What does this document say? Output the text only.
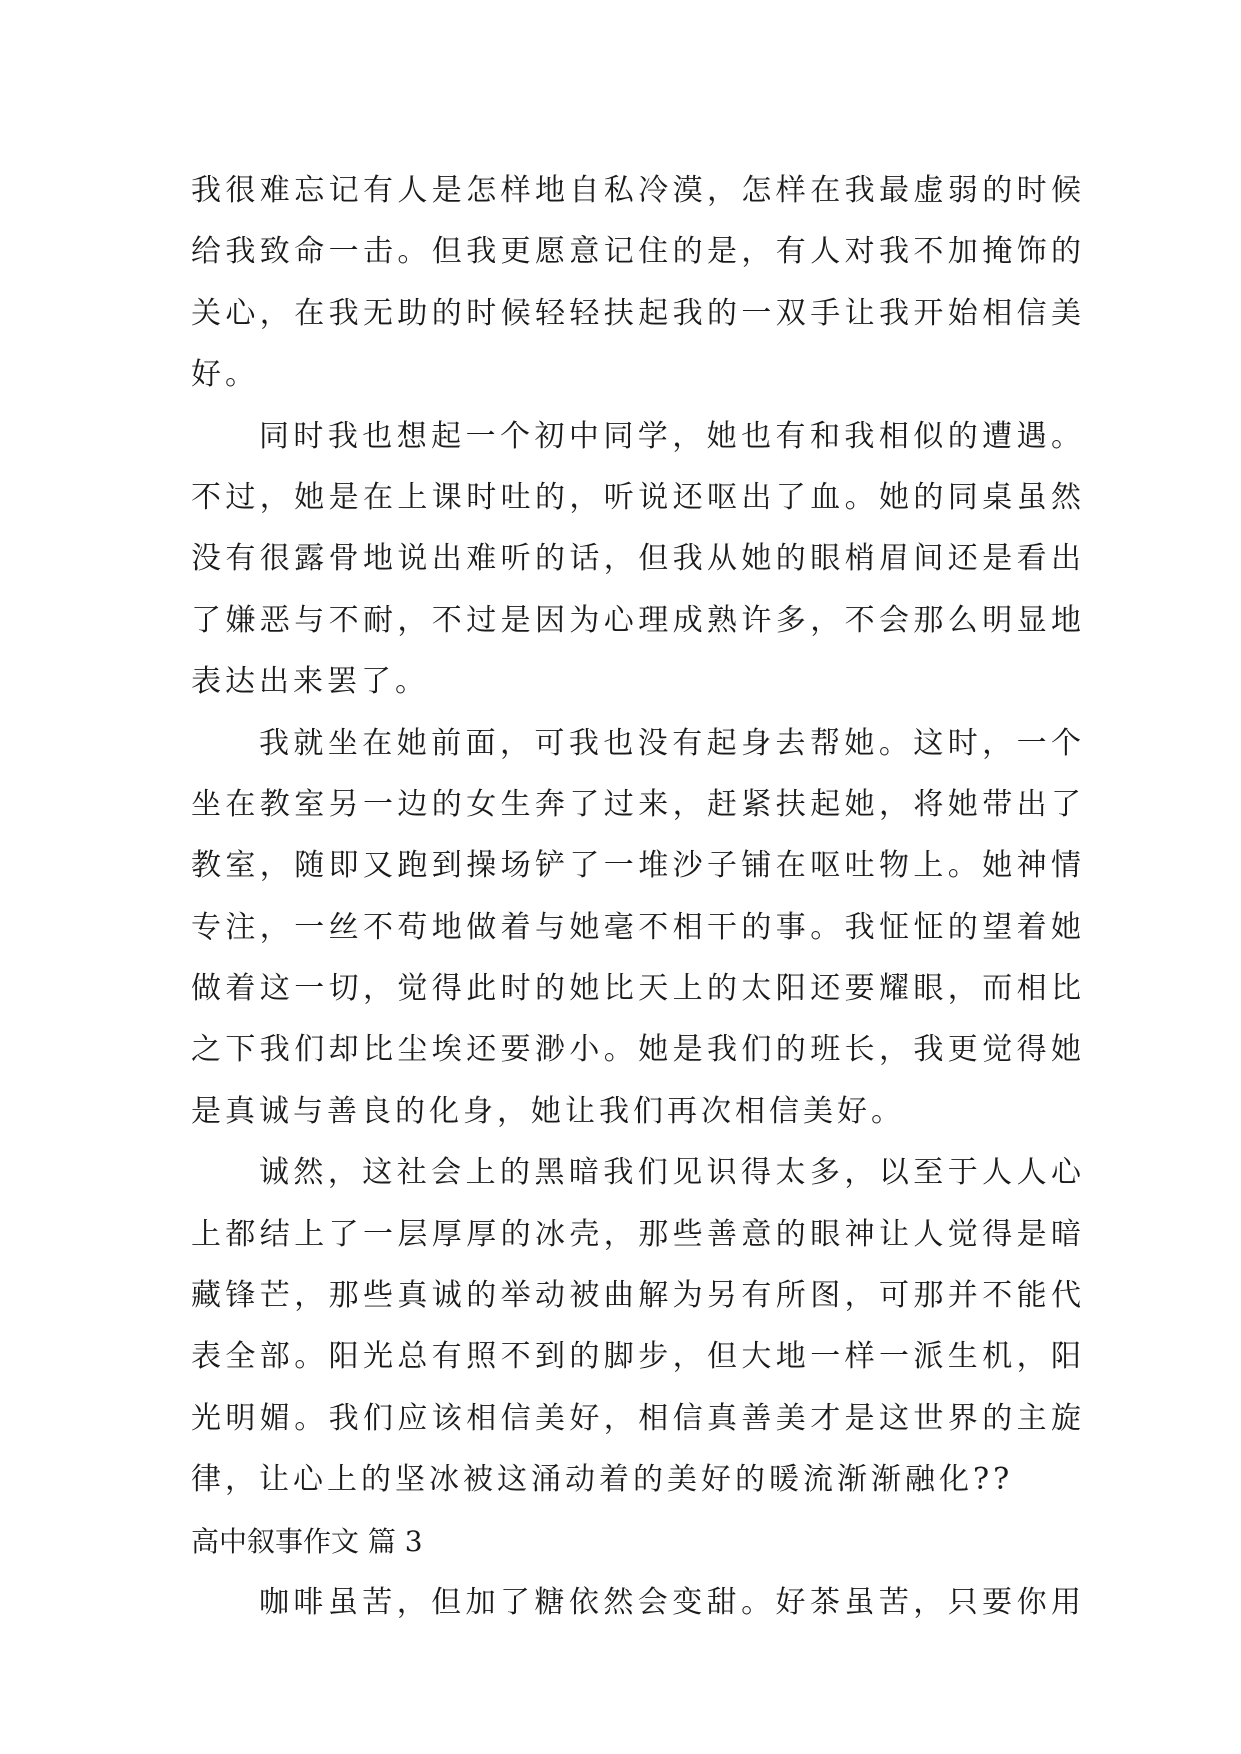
我很难忘记有人是怎样地自私冷漠，怎样在我最虚弱的时候
给我致命一击。但我更愿意记住的是，有人对我不加掩饰的
关心，在我无助的时候轻轻扶起我的一双手让我开始相信美
好。
同时我也想起一个初中同学，她也有和我相似的遭遇。
不过，她是在上课时吐的，听说还呕出了血。她的同桌虽然
没有很露骨地说出难听的话，但我从她的眼梢眉间还是看出
了嫌恶与不耐，不过是因为心理成熟许多，不会那么明显地
表达出来罢了。
我就坐在她前面，可我也没有起身去帮她。这时，一个
坐在教室另一边的女生奔了过来，赶紧扶起她，将她带出了
教室，随即又跑到操场铲了一堆沙子铺在呕吐物上。她神情
专注，一丝不苟地做着与她毫不相干的事。我怔怔的望着她
做着这一切，觉得此时的她比天上的太阳还要耀眼，而相比
之下我们却比尘埃还要渺小。她是我们的班长，我更觉得她
是真诚与善良的化身，她让我们再次相信美好。
诚然，这社会上的黑暗我们见识得太多，以至于人人心
上都结上了一层厚厚的冰壳，那些善意的眼神让人觉得是暗
藏锋芒，那些真诚的举动被曲解为另有所图，可那并不能代
表全部。阳光总有照不到的脚步，但大地一样一派生机，阳
光明媚。我们应该相信美好，相信真善美才是这世界的主旋
律，让心上的坚冰被这涌动着的美好的暖流渐渐融化??
高中叙事作文 篇 3
咖啡虽苦，但加了糖依然会变甜。好茶虽苦，只要你用
